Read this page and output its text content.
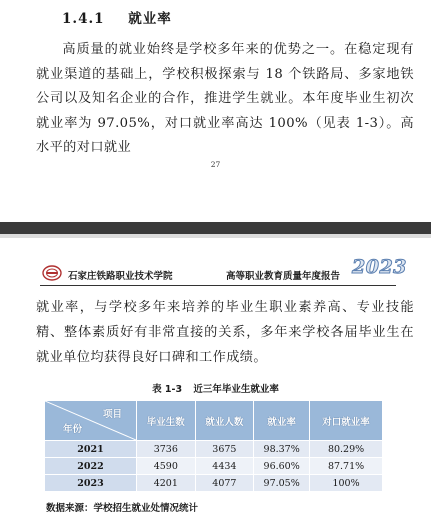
1.4.1 就业率

高质量的就业始终是学校多年来的优势之一。在稳定现有就业渠道的基础上，学校积极探索与 18 个铁路局、多家地铁公司以及知名企业的合作，推进学生就业。本年度毕业生初次就业率为 97.05%，对口就业率高达 100%（见表 1-3）。高水平的对口就业

27
石家庄铁路职业技术学院	高等职业教育质量年度报告 2023

就业率，与学校多年来培养的毕业生职业素养高、专业技能精、整体素质好有非常直接的关系，多年来学校各届毕业生在就业单位均获得良好口碑和工作成绩。

表 1-3 近三年毕业生就业率
项目
年份	毕业生数	就业人数	就业率	对口就业率
2021	3736	3675	98.37%	80.29%
2022	4590	4434	96.60%	87.71%
2023	4201	4077	97.05%	100%
数据来源：学校招生就业处情况统计
